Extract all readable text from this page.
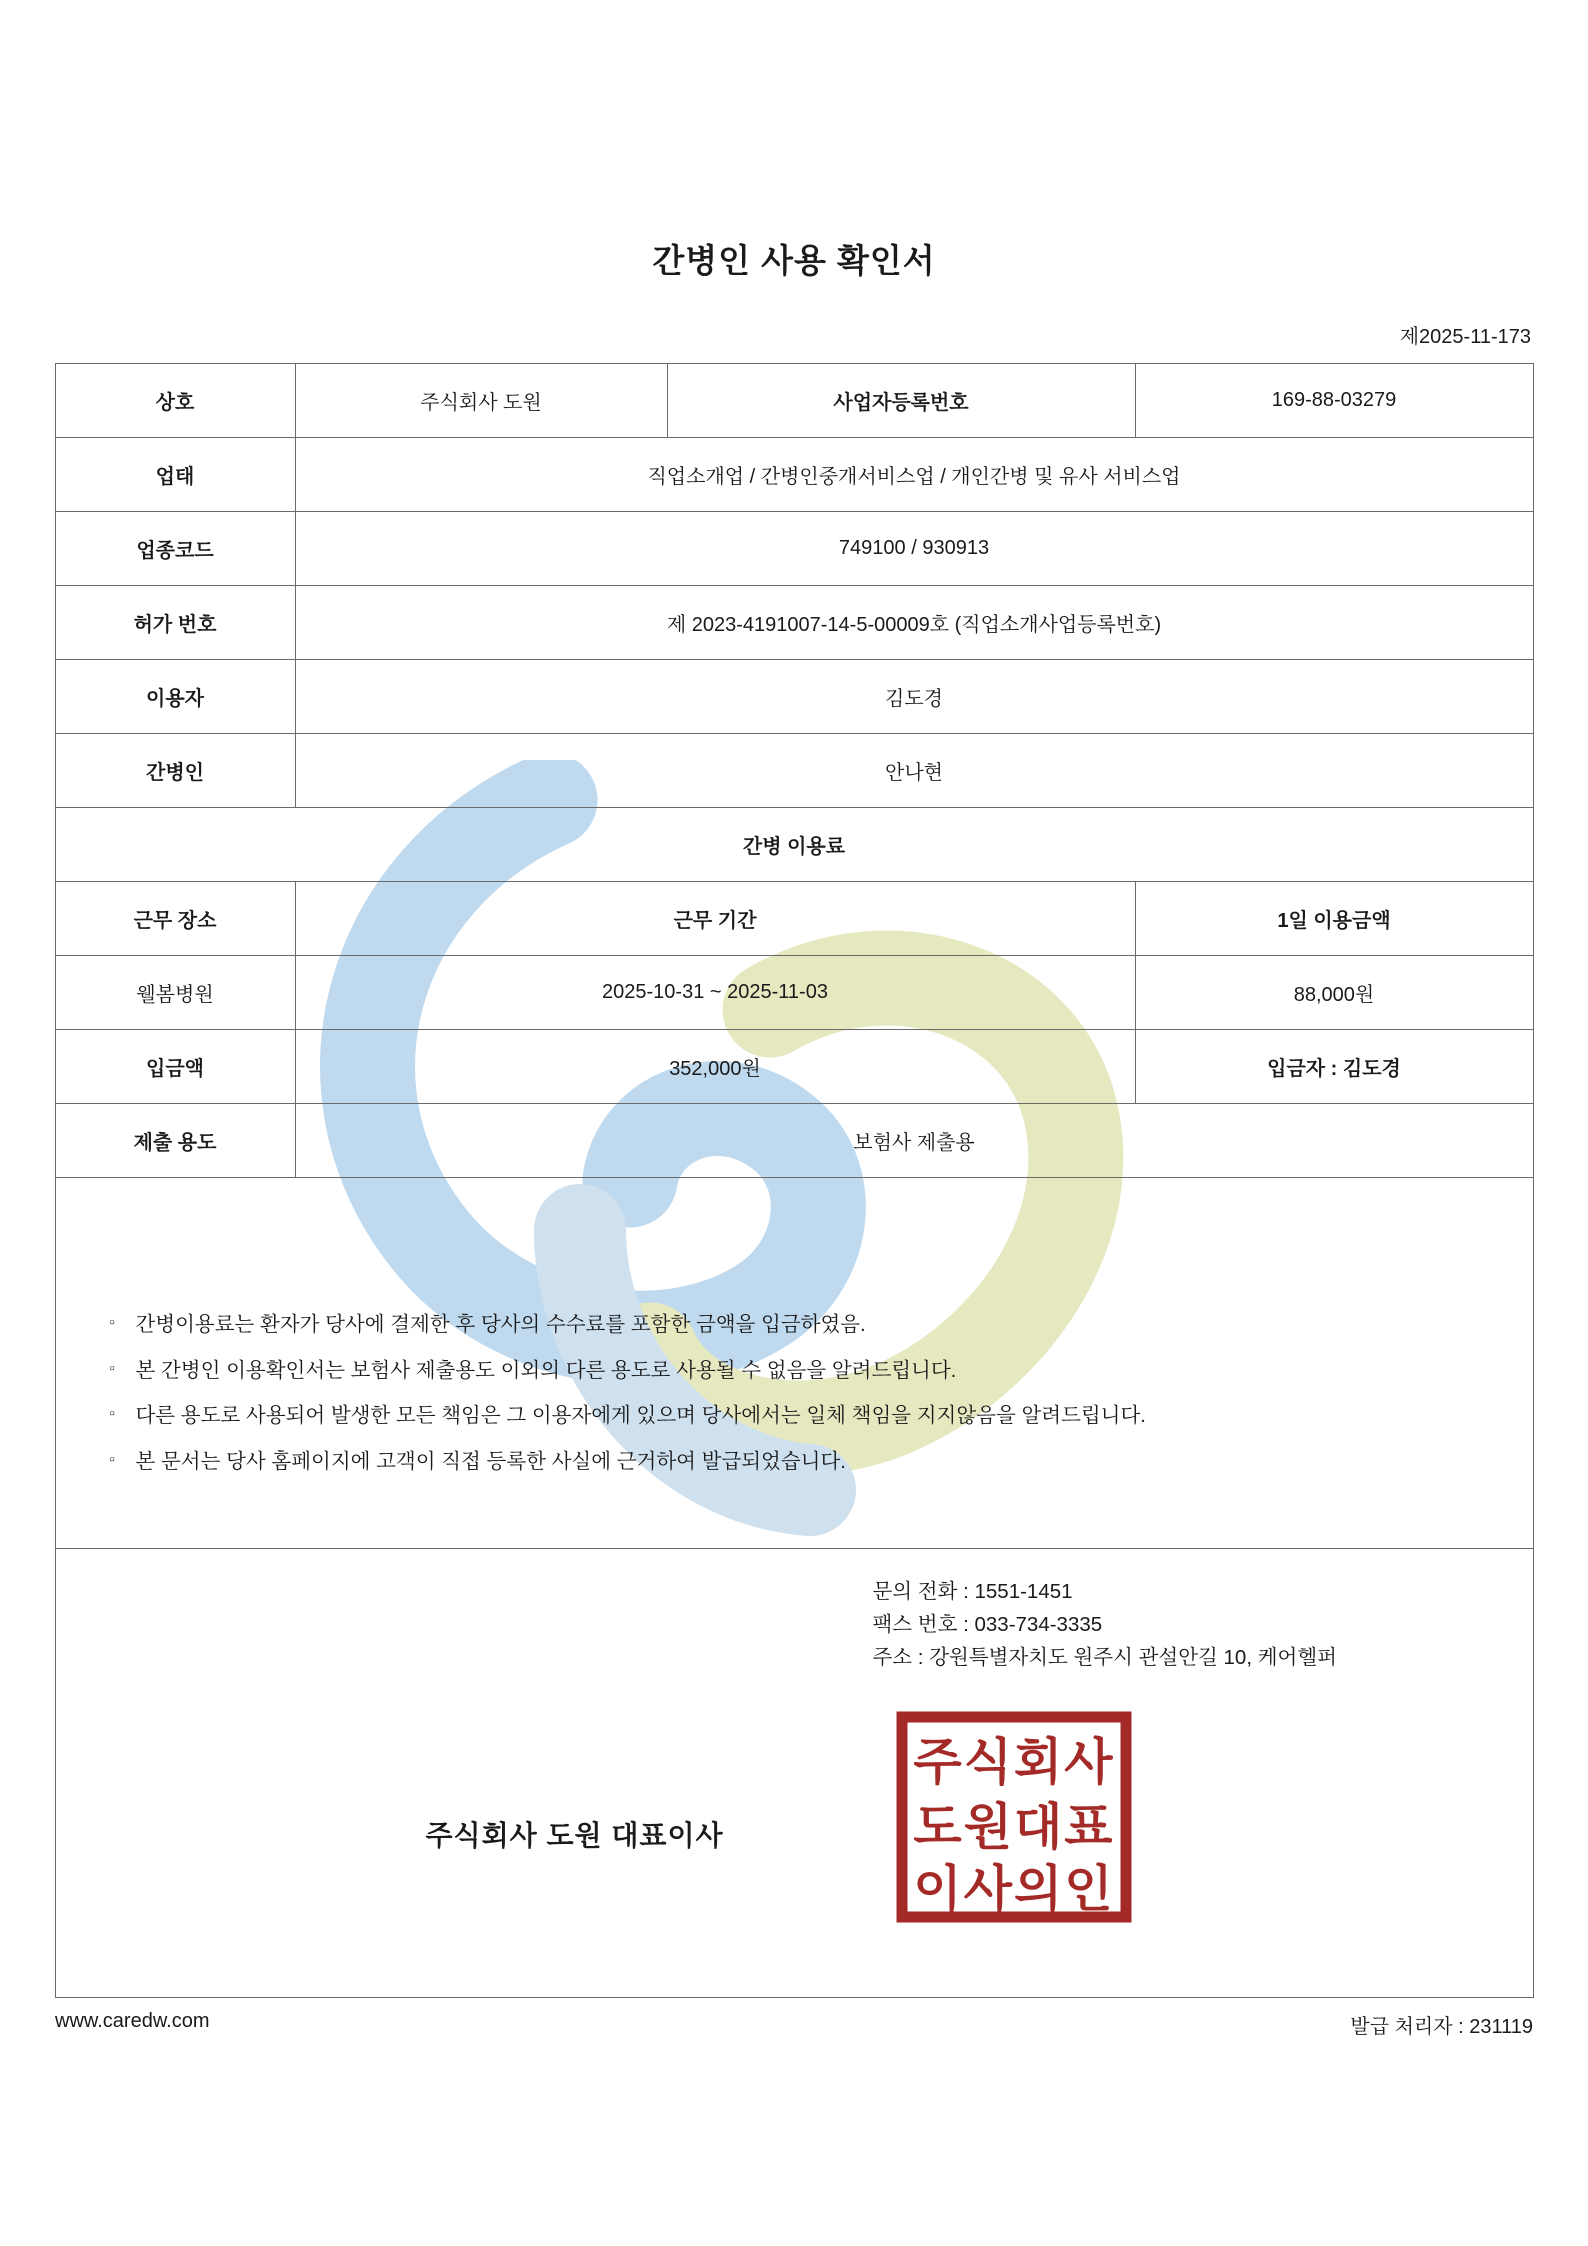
간병인 사용 확인서
제2025-11-173
상호	주식회사 도원	사업자등록번호	169-88-03279
업태	직업소개업 / 간병인중개서비스업 / 개인간병 및 유사 서비스업		
업종코드	749100 / 930913		
허가 번호	제 2023-4191007-14-5-00009호 (직업소개사업등록번호)		
이용자	김도경		
간병인	안나현		
간병 이용료			
근무 장소	근무 기간		1일 이용금액
웰봄병원	2025-10-31 ~ 2025-11-03		88,000원
입금액	352,000원		입금자 : 김도경
제출 용도	보험사 제출용		

▫ 간병이용료는 환자가 당사에 결제한 후 당사의 수수료를 포함한 금액을 입금하였음.
▫ 본 간병인 이용확인서는 보험사 제출용도 이외의 다른 용도로 사용될 수 없음을 알려드립니다.
▫ 다른 용도로 사용되어 발생한 모든 책임은 그 이용자에게 있으며 당사에서는 일체 책임을 지지않음을 알려드립니다.
▫ 본 문서는 당사 홈페이지에 고객이 직접 등록한 사실에 근거하여 발급되었습니다.

문의 전화 : 1551-1451
팩스 번호 : 033-734-3335
주소 : 강원특별자치도 원주시 관설안길 10, 케어헬퍼
주식회사 도원 대표이사
주식회사
도원대표
이사의인
www.caredw.com	발급 처리자 : 231119
